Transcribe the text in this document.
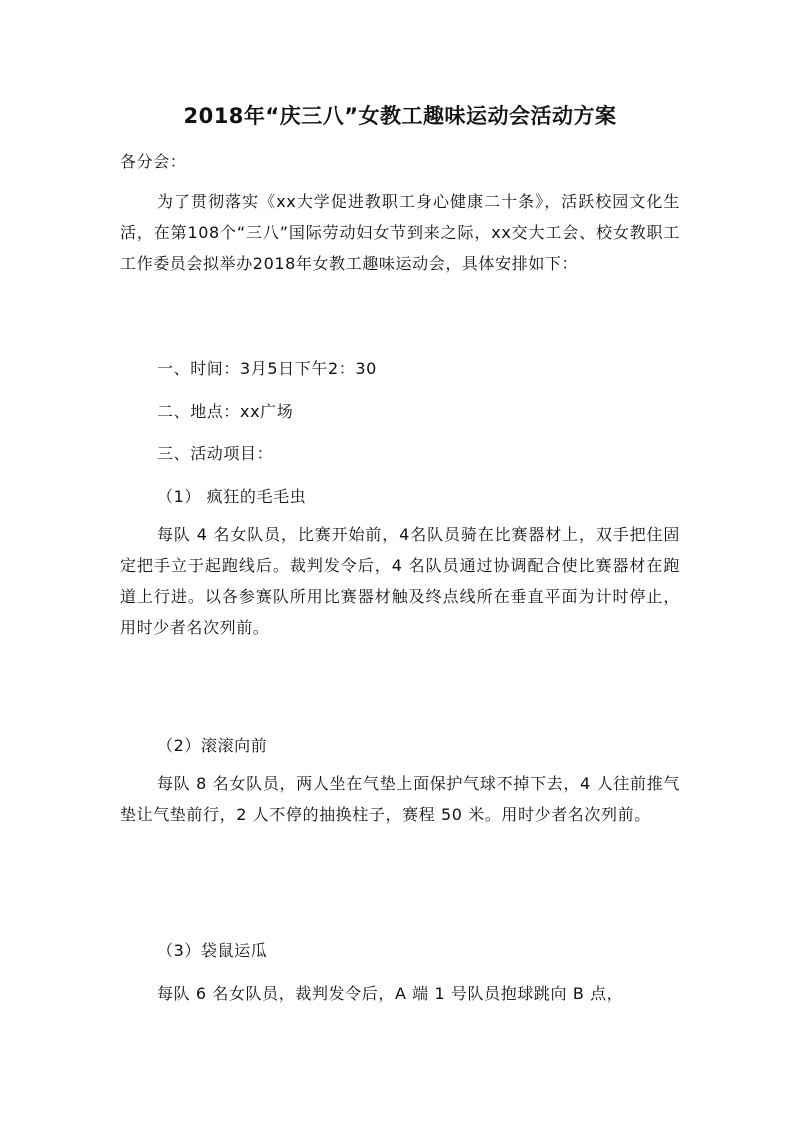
2018年“庆三八”女教工趣味运动会活动方案
各分会：
为了贯彻落实《xx大学促进教职工身心健康二十条》，活跃校园文化生活，在第108个“三八”国际劳动妇女节到来之际，xx交大工会、校女教职工工作委员会拟举办2018年女教工趣味运动会，具体安排如下：
一、时间：3月5日下午2：30
二、地点：xx广场
三、活动项目：
（1） 疯狂的毛毛虫
每队 4 名女队员，比赛开始前，4名队员骑在比赛器材上，双手把住固定把手立于起跑线后。裁判发令后，4 名队员通过协调配合使比赛器材在跑道上行进。以各参赛队所用比赛器材触及终点线所在垂直平面为计时停止，用时少者名次列前。
（2）滚滚向前
每队 8 名女队员，两人坐在气垫上面保护气球不掉下去，4 人往前推气垫让气垫前行，2 人不停的抽换柱子，赛程 50 米。用时少者名次列前。
（3）袋鼠运瓜
每队 6 名女队员，裁判发令后，A 端 1 号队员抱球跳向 B 点，
